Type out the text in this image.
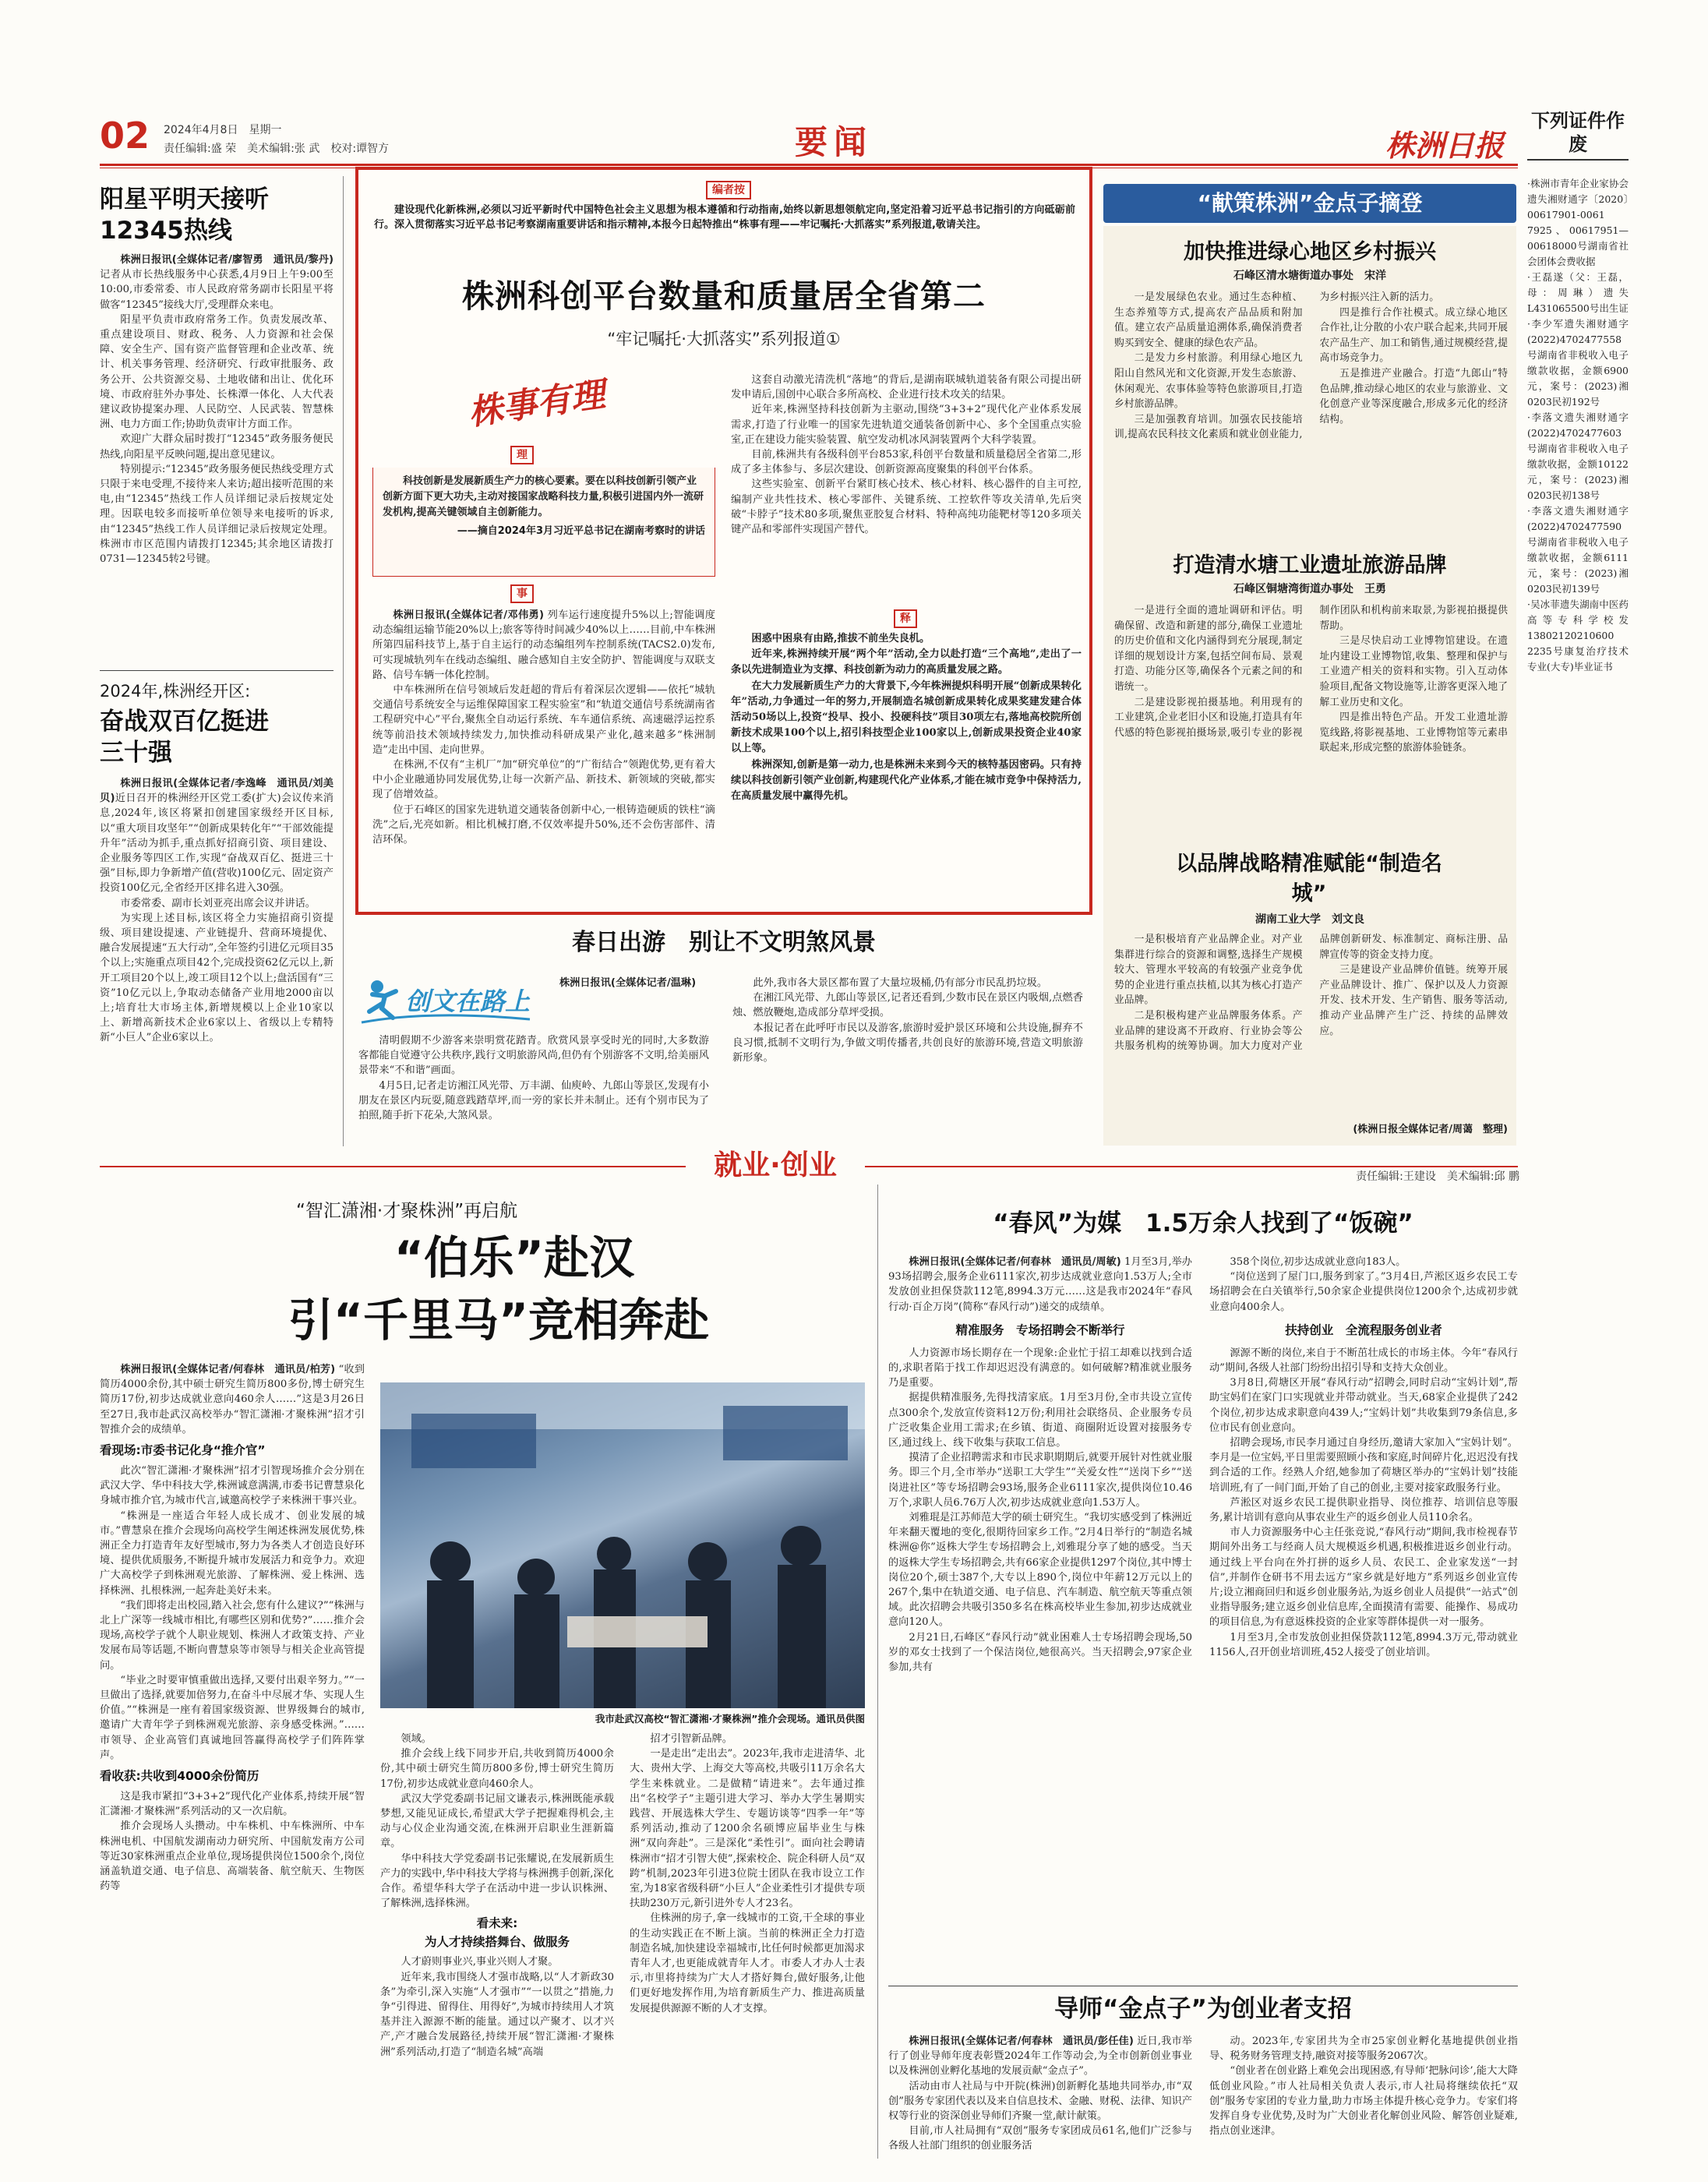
02 2024年4月8日　星期一
责任编辑:盛 荣　美术编辑:张 武　校对:谭智方	要闻	株洲日报
下列证件作废
·株洲市青年企业家协会遗失湘财通字〔2020〕00617901-0061 7925、00617951—00618000号湖南省社会团体会费收据
·王磊遂（父：王磊，母：周琳）遗失L431065500号出生证
·李少军遗失湘财通字(2022)4702477558号湖南省非税收入电子缴款收据，金额6900元，案号：(2023)湘0203民初192号
·李落文遗失湘财通字(2022)4702477603号湖南省非税收入电子缴款收据，金额10122元，案号：(2023)湘0203民初138号
·李落文遗失湘财通字(2022)4702477590号湖南省非税收入电子缴款收据，金额6111元，案号：(2023)湘0203民初139号
·吴冰菲遗失湖南中医药高等专科学校发13802120210600 2235号康复治疗技术专业(大专)毕业证书
阳星平明天接听12345热线

株洲日报讯(全媒体记者/廖智勇　通讯员/黎丹)记者从市长热线服务中心获悉,4月9日上午9:00至10:00,市委常委、市人民政府常务副市长阳星平将做客“12345”接线大厅,受理群众来电。

阳星平负责市政府常务工作。负责发展改革、重点建设项目、财政、税务、人力资源和社会保障、安全生产、国有资产监督管理和企业改革、统计、机关事务管理、经济研究、行政审批服务、政务公开、公共资源交易、土地收储和出让、优化环境、市政府驻外办事处、长株潭一体化、人大代表建议政协提案办理、人民防空、人民武装、智慧株洲、电力方面工作;协助负责审计方面工作。

欢迎广大群众届时拨打“12345”政务服务便民热线,向阳星平反映问题,提出意见建议。

特别提示:“12345”政务服务便民热线受理方式只限于来电受理,不接待来人来访;超出接听范围的来电,由“12345”热线工作人员详细记录后按规定处理。因联电较多而接听单位领导来电接听的诉求,由“12345”热线工作人员详细记录后按规定处理。株洲市市区范围内请拨打12345;其余地区请拨打0731—12345转2号键。

2024年,株洲经开区:
奋战双百亿挺进三十强

株洲日报讯(全媒体记者/李逸峰　通讯员/刘美贝)近日召开的株洲经开区党工委(扩大)会议传来消息,2024年,该区将紧扣创建国家级经开区目标,以“重大项目攻坚年”“创新成果转化年”“干部效能提升年”活动为抓手,重点抓好招商引资、项目建设、企业服务等四区工作,实现“奋战双百亿、挺进三十强”目标,即力争新增产值(营收)100亿元、固定资产投资100亿元,全省经开区排名进入30强。

市委常委、副市长刘亚亮出席会议并讲话。

为实现上述目标,该区将全力实施招商引资提级、项目建设提速、产业链提升、营商环境提优、融合发展提速“五大行动”,全年签约引进亿元项目35个以上;实施重点项目42个,完成投资62亿元以上,新开工项目20个以上,竣工项目12个以上;盘活国有“三资”10亿元以上,争取动态储备产业用地2000亩以上;培育壮大市场主体,新增规模以上企业10家以上、新增高新技术企业6家以上、省级以上专精特新“小巨人”企业6家以上。

编者按
建设现代化新株洲,必须以习近平新时代中国特色社会主义思想为根本遵循和行动指南,始终以新思想领航定向,坚定沿着习近平总书记指引的方向砥砺前行。深入贯彻落实习近平总书记考察湖南重要讲话和指示精神,本报今日起特推出“株事有理——牢记嘱托·大抓落实”系列报道,敬请关注。
株洲科创平台数量和质量居全省第二
“牢记嘱托·大抓落实”系列报道①
株事有理
理
科技创新是发展新质生产力的核心要素。要在以科技创新引领产业创新方面下更大功夫,主动对接国家战略科技力量,积极引进国内外一流研发机构,提高关键领域自主创新能力。
——摘自2024年3月习近平总书记在湖南考察时的讲话
事

株洲日报讯(全媒体记者/邓伟勇) 列车运行速度提升5%以上;智能调度动态编组运输节能20%以上;旅客等待时间减少40%以上……目前,中车株洲所第四届科技节上,基于自主运行的动态编组列车控制系统(TACS2.0)发布,可实现城轨列车在线动态编组、融合感知自主安全防护、智能调度与双联支路、信号车辆一体化控制。

中车株洲所在信号领域后发赶超的背后有着深层次逻辑——依托“城轨交通信号系统安全与运维保障国家工程实验室”和“轨道交通信号系统湖南省工程研究中心”平台,聚焦全自动运行系统、车车通信系统、高速磁浮运控系统等前沿技术领域持续发力,加快推动科研成果产业化,越来越多“株洲制造”走出中国、走向世界。

在株洲,不仅有“主机厂”加“研究单位”的“广衔结合”领跑优势,更有着大中小企业融通协同发展优势,让每一次新产品、新技术、新领域的突破,都实现了倍增效益。

位于石峰区的国家先进轨道交通装备创新中心,一根铸造硬质的铁柱“滴洗”之后,光亮如新。相比机械打磨,不仅效率提升50%,还不会伤害部件、清洁环保。

这套自动激光清洗机“落地”的背后,是湖南联城轨道装备有限公司提出研发申请后,国创中心联合多所高校、企业进行技术攻关的结果。

近年来,株洲坚持科技创新为主驱动,围绕“3+3+2”现代化产业体系发展需求,打造了行业唯一的国家先进轨道交通装备创新中心、多个全国重点实验室,正在建设力能实验装置、航空发动机冰风洞装置两个大科学装置。

目前,株洲共有各级科创平台853家,科创平台数量和质量稳居全省第二,形成了多主体参与、多层次建设、创新资源高度聚集的科创平台体系。

这些实验室、创新平台紧盯核心技术、核心材料、核心器件的自主可控,编制产业共性技术、核心零部件、关键系统、工控软件等攻关清单,先后突破“卡脖子”技术80多项,聚焦亚胶复合材料、特种高纯功能靶材等120多项关键产品和零部件实现国产替代。

释

困惑中困泉有由路,推拔不前坐失良机。

近年来,株洲持续开展“两个年”活动,全力以赴打造“三个高地”,走出了一条以先进制造业为支撑、科技创新为动力的高质量发展之路。

在大力发展新质生产力的大背景下,今年株洲提炽科明开展“创新成果转化年”活动,力争通过一年的努力,开展制造名城创新成果转化成果奖建发建合体活动50场以上,投资“投早、投小、投硬科技”项目30项左右,落地高校院所创新技术成果100个以上,招引科技型企业100家以上,创新成果投资企业40家以上等。

株洲深知,创新是第一动力,也是株洲未来到今天的核特基因密码。只有持续以科技创新引领产业创新,构建现代化产业体系,才能在城市竞争中保持活力,在高质量发展中赢得先机。

春日出游　别让不文明煞风景
创文在路上

清明假期不少游客来崇明赏花踏青。欣赏风景享受时光的同时,大多数游客都能自觉遵守公共秩序,践行文明旅游风尚,但仍有个别游客不文明,给美丽风景带来“不和谐”画面。

4月5日,记者走访湘江风光带、万丰湖、仙庾岭、九郎山等景区,发现有小朋友在景区内玩耍,随意践踏草坪,而一旁的家长并未制止。还有个别市民为了拍照,随手折下花朵,大煞风景。

株洲日报讯(全媒体记者/温琳)	此外,我市各大景区都布置了大量垃圾桶,仍有部分市民乱扔垃圾。

在湘江风光带、九郎山等景区,记者还看到,少数市民在景区内吸烟,点燃香烛、燃放鞭炮,造成部分草坪受损。

本报记者在此呼吁市民以及游客,旅游时爱护景区环境和公共设施,摒弃不良习惯,抵制不文明行为,争做文明传播者,共创良好的旅游环境,营造文明旅游新形象。

“献策株洲”金点子摘登
加快推进绿心地区乡村振兴
石峰区清水塘街道办事处　宋洋

一是发展绿色农业。通过生态种植、生态养殖等方式,提高农产品品质和附加值。建立农产品质量追溯体系,确保消费者购买到安全、健康的绿色农产品。

二是发力乡村旅游。利用绿心地区九阳山自然风光和文化资源,开发生态旅游、休闲观光、农事体验等特色旅游项目,打造乡村旅游品牌。

三是加强教育培训。加强农民技能培训,提高农民科技文化素质和就业创业能力,为乡村振兴注入新的活力。

四是推行合作社模式。成立绿心地区合作社,让分散的小农户联合起来,共同开展农产品生产、加工和销售,通过规模经营,提高市场竞争力。

五是推进产业融合。打造“九郎山”特色品牌,推动绿心地区的农业与旅游业、文化创意产业等深度融合,形成多元化的经济结构。

打造清水塘工业遗址旅游品牌
石峰区铜塘湾街道办事处　王勇

一是进行全面的遗址调研和评估。明确保留、改造和新建的部分,确保工业遗址的历史价值和文化内涵得到充分展现,制定详细的规划设计方案,包括空间布局、景观打造、功能分区等,确保各个元素之间的和谐统一。

二是建设影视拍摄基地。利用现有的工业建筑,企业老旧小区和设施,打造具有年代感的特色影视拍摄场景,吸引专业的影视制作团队和机构前来取景,为影视拍摄提供帮助。

三是尽快启动工业博物馆建设。在遗址内建设工业博物馆,收集、整理和保护与工业遗产相关的资料和实物。引入互动体验项目,配备文物设施等,让游客更深入地了解工业历史和文化。

四是推出特色产品。开发工业遗址游览线路,将影视基地、工业博物馆等元素串联起来,形成完整的旅游体验链条。

以品牌战略精准赋能“制造名城”
湖南工业大学　刘文良

一是积极培育产业品牌企业。对产业集群进行综合的资源和调整,选择生产规模较大、管理水平较高的有较强产业竞争优势的企业进行重点扶植,以其为核心打造产业品牌。

二是积极构建产业品牌服务体系。产业品牌的建设离不开政府、行业协会等公共服务机构的统筹协调。加大力度对产业品牌创新研发、标准制定、商标注册、品牌宣传等的资金支持力度。

三是建设产业品牌价值链。统筹开展产业品牌设计、推广、保护以及人力资源开发、技术开发、生产销售、服务等活动,推动产业品牌产生广泛、持续的品牌效应。

(株洲日报全媒体记者/周蔼　整理)
就业·创业	责任编辑:王建设　美术编辑:邱 鹏
“智汇潇湘·才聚株洲”再启航
“伯乐”赴汉
引“千里马”竞相奔赴

株洲日报讯(全媒体记者/何春林　通讯员/柏芳) “收到简历4000余份,其中硕士研究生简历800多份,博士研究生简历17份,初步达成就业意向460余人……”这是3月26日至27日,我市赴武汉高校举办“智汇潇湘·才聚株洲”招才引智推介会的成绩单。

看现场:市委书记化身“推介官”

此次“智汇潇湘·才聚株洲”招才引智现场推介会分别在武汉大学、华中科技大学,株洲诚意满满,市委书记曹慧泉化身城市推介官,为城市代言,诚邀高校学子来株洲干事兴业。

“株洲是一座适合年轻人成长成才、创业发展的城市。”曹慧泉在推介会现场向高校学生阐述株洲发展优势,株洲正全力打造青年友好型城市,努力为各类人才创造良好环境、提供优质服务,不断提升城市发展活力和竞争力。欢迎广大高校学子到株洲观光旅游、了解株洲、爱上株洲、选择株洲、扎根株洲,一起奔赴美好未来。

“我们即将走出校园,踏入社会,您有什么建议?”“株洲与北上广深等一线城市相比,有哪些区别和优势?”……推介会现场,高校学子就个人职业规划、株洲人才政策支持、产业发展布局等话题,不断向曹慧泉等市领导与相关企业高管提问。

“毕业之时要审慎重做出选择,又要付出艰辛努力。”“一旦做出了选择,就要加倍努力,在奋斗中尽展才华、实现人生价值。”“株洲是一座有着国家级资源、世界级舞台的城市,邀请广大青年学子到株洲观光旅游、亲身感受株洲。”……市领导、企业高管们真诚地回答赢得高校学子们阵阵掌声。

看收获:共收到4000余份简历

这是我市紧扣“3+3+2”现代化产业体系,持续开展“智汇潇湘·才聚株洲”系列活动的又一次启航。

推介会现场人头攒动。中车株机、中车株洲所、中车株洲电机、中国航发湖南动力研究所、中国航发南方公司等近30家株洲重点企业单位,现场提供岗位1500余个,岗位涵盖轨道交通、电子信息、高端装备、航空航天、生物医药等

我市赴武汉高校“智汇潇湘·才聚株洲”推介会现场。通讯员供图

领域。

推介会线上线下同步开启,共收到简历4000余份,其中硕士研究生简历800多份,博士研究生简历17份,初步达成就业意向460余人。

武汉大学党委副书记屈文谦表示,株洲既能承载梦想,又能见证成长,希望武大学子把握难得机会,主动与心仪企业沟通交流,在株洲开启职业生涯新篇章。

华中科技大学党委副书记张耀说,在发展新质生产力的实践中,华中科技大学将与株洲携手创新,深化合作。希望华科大学子在活动中进一步认识株洲、了解株洲,选择株洲。

看未来:
为人才持续搭舞台、做服务

人才蔚则事业兴,事业兴则人才聚。

近年来,我市围绕人才强市战略,以“人才新政30条”为牵引,深入实施“人才强市”“一以贯之”措施,力争“引得进、留得住、用得好”,为城市持续用人才筑基并注入源源不断的能量。通过以产聚才、以才兴产,产才融合发展路径,持续开展“智汇潇湘·才聚株洲”系列活动,打造了“制造名城”高端

招才引智新品牌。

一是走出“走出去”。2023年,我市走进清华、北大、贵州大学、上海交大等高校,共吸引11万余名大学生来株就业。二是做精“请进来”。去年通过推出“名校学子”主题引进大学习、举办大学生暑期实践营、开展选株大学生、专题访谈等“四季一年”等系列活动,推动了1200余名硕博应届毕业生与株洲“双向奔赴”。三是深化“柔性引”。面向社会聘请株洲市“招才引智大使”,探索校企、院企科研人员“双跨”机制,2023年引进3位院士团队在我市设立工作室,为18家省级科研“小巨人”企业柔性引才提供专项扶助230万元,新引进外专人才23名。

住株洲的房子,拿一线城市的工资,干全球的事业的生动实践正在不断上演。当前的株洲正全力打造制造名城,加快建设幸福城市,比任何时候都更加渴求青年人才,也更能成就青年人才。市委人才办人士表示,市里将持续为广大人才搭好舞台,做好服务,让他们更好地发挥作用,为培育新质生产力、推进高质量发展提供源源不断的人才支撑。

“春风”为媒　1.5万余人找到了“饭碗”

株洲日报讯(全媒体记者/何春林　通讯员/周敏) 1月至3月,举办93场招聘会,服务企业6111家次,初步达成就业意向1.53万人;全市发放创业担保贷款112笔,8994.3万元……这是我市2024年“春风行动·百企万岗”(简称“春风行动”)递交的成绩单。

精准服务　专场招聘会不断举行

人力资源市场长期存在一个现象:企业忙于招工却难以找到合适的,求职者陷于找工作却迟迟没有满意的。如何破解?精准就业服务乃是重要。

据提供精准服务,先得找清家底。1月至3月份,全市共设立宣传点300余个,发放宣传资料12万份;利用社会联络员、企业服务专员广泛收集企业用工需求;在乡镇、街道、商圈附近设置对接服务专区,通过线上、线下收集与获取工信息。

摸清了企业招聘需求和市民求职期期后,就要开展针对性就业服务。即三个月,全市举办“送职工大学生”“关爱女性”“送岗下乡”“送岗进社区”等专场招聘会93场,服务企业6111家次,提供岗位10.46万个,求职人员6.76万人次,初步达成就业意向1.53万人。

刘雅琨是江苏师范大学的硕士研究生。“我切实感受到了株洲近年来翻天覆地的变化,很期待回家乡工作。”2月4日举行的“制造名城　株洲@你”返株大学生专场招聘会上,刘雅琨分享了她的感受。当天的返株大学生专场招聘会,共有66家企业提供1297个岗位,其中博士岗位20个,硕士387个,大专以上890个,岗位中年薪12万元以上的267个,集中在轨道交通、电子信息、汽车制造、航空航天等重点领域。此次招聘会共吸引350多名在株高校毕业生参加,初步达成就业意向120人。

2月21日,石峰区“春风行动”就业困难人士专场招聘会现场,50岁的邓女士找到了一个保洁岗位,她很高兴。当天招聘会,97家企业参加,共有

358个岗位,初步达成就业意向183人。

“岗位送到了屋门口,服务到家了。”3月4日,芦淞区返乡农民工专场招聘会在白关镇举行,50余家企业提供岗位1200余个,达成初步就业意向400余人。

扶持创业　全流程服务创业者

源源不断的岗位,来自于不断茁壮成长的市场主体。今年“春风行动”期间,各级人社部门纷纷出招引导和支持大众创业。

3月8日,荷塘区开展“春风行动”招聘会,同时启动“宝妈计划”,帮助宝妈们在家门口实现就业并带动就业。当天,68家企业提供了242个岗位,初步达成求职意向439人;“宝妈计划”共收集到79条信息,多位市民有创业意向。

招聘会现场,市民李月通过自身经历,邀请大家加入“宝妈计划”。李月是一位宝妈,平日里需要照顾小孩和家庭,时间碎片化,迟迟没有找到合适的工作。经熟人介绍,她参加了荷塘区举办的“宝妈计划”技能培训班,有了一间门面,开始了自己的创业,主要对接家政服务行业。

芦淞区对返乡农民工提供职业指导、岗位推荐、培训信息等服务,累计培训有意向从事农业生产的返乡创业人员110余名。

市人力资源服务中心主任张竞说,“春风行动”期间,我市检视春节期间外出务工与经商人员大规模返乡机遇,积极推进返乡创业行动。通过线上平台向在外打拼的返乡人员、农民工、企业家发送“一封信”,并制作仓研书不用去远方“家乡就是好地方”系列返乡创业宣传片;设立湘商回归和返乡创业服务站,为返乡创业人员提供“一站式”创业指导服务;建立返乡创业信息库,全面摸清有需要、能操作、易成功的项目信息,为有意返株投资的企业家等群体提供一对一服务。

1月至3月,全市发放创业担保贷款112笔,8994.3万元,带动就业1156人,召开创业培训班,452人接受了创业培训。

导师“金点子”为创业者支招

株洲日报讯(全媒体记者/何春林　通讯员/彭任佳) 近日,我市举行了创业导师年度表彰暨2024年工作等动会,为全市创新创业事业以及株洲创业孵化基地的发展贡献“金点子”。

活动由市人社局与中开院(株洲)创新孵化基地共同举办,市“双创”服务专家团代表以及来自信息技术、金融、财税、法律、知识产权等行业的资深创业导师们齐聚一堂,献计献策。

目前,市人社局拥有“双创”服务专家团成员61名,他们广泛参与各级人社部门组织的创业服务活

动。2023年,专家团共为全市25家创业孵化基地提供创业指导、税务财务管理支持,融资对接等服务2067次。

“创业者在创业路上难免会出现困惑,有导师‘把脉问诊’,能大大降低创业风险。”市人社局相关负责人表示,市人社局将继续依托“双创”服务专家团的专业力量,助力市场主体提升核心竞争力。专家们将发挥自身专业优势,及时为广大创业者化解创业风险、解答创业疑难,指点创业迷津。
